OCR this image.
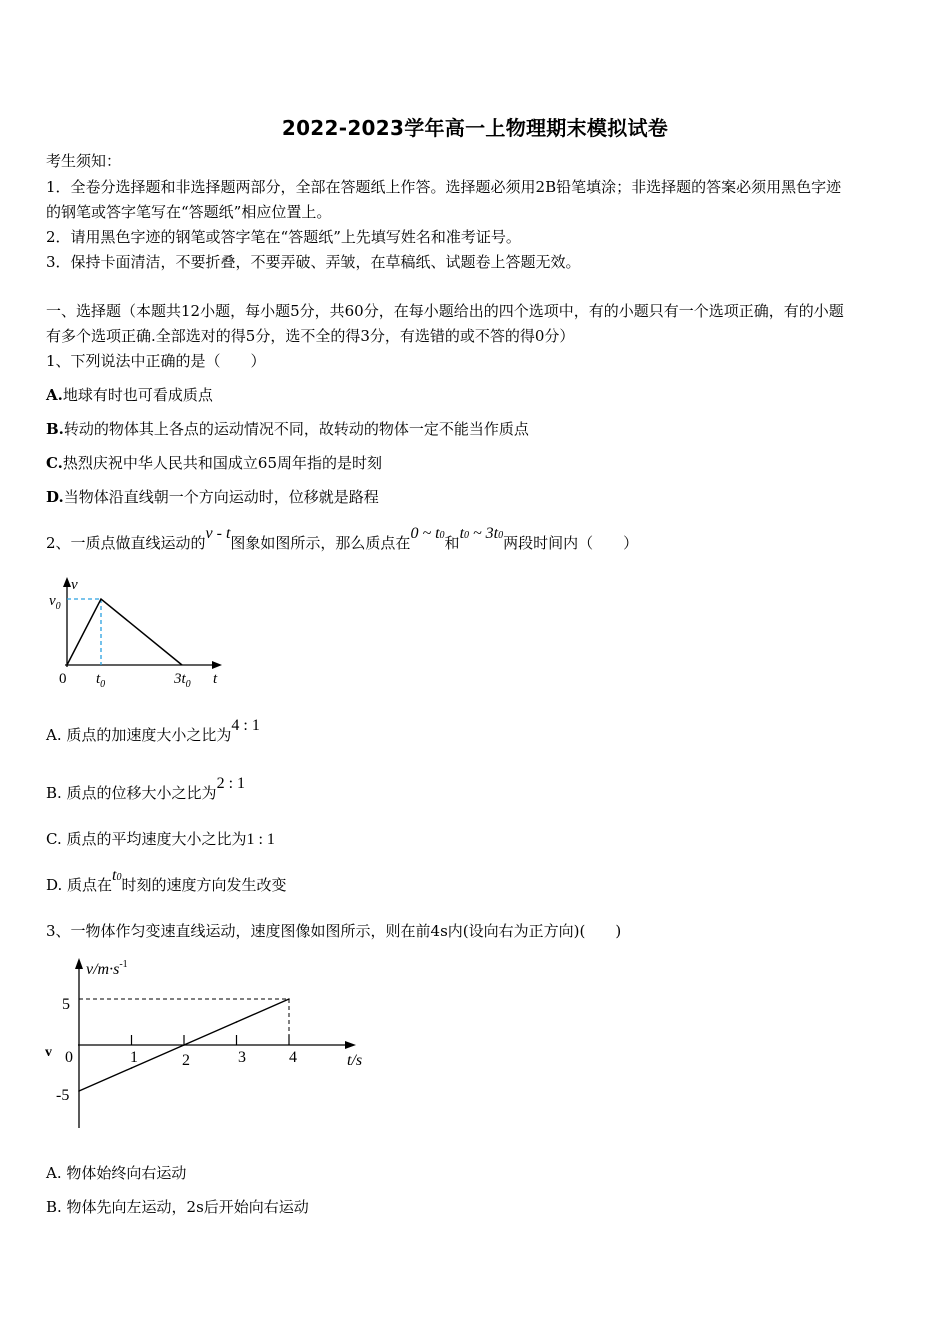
2022-2023学年高一上物理期末模拟试卷
考生须知：
1．全卷分选择题和非选择题两部分，全部在答题纸上作答。选择题必须用2B铅笔填涂；非选择题的答案必须用黑色字迹
的钢笔或答字笔写在“答题纸”相应位置上。
2．请用黑色字迹的钢笔或答字笔在“答题纸”上先填写姓名和准考证号。
3．保持卡面清洁，不要折叠，不要弄破、弄皱，在草稿纸、试题卷上答题无效。
一、选择题（本题共12小题，每小题5分，共60分，在每小题给出的四个选项中，有的小题只有一个选项正确，有的小题
有多个选项正确.全部选对的得5分，选不全的得3分，有选错的或不答的得0分）
1、下列说法中正确的是（　　）
A.地球有时也可看成质点
B.转动的物体其上各点的运动情况不同，故转动的物体一定不能当作质点
C.热烈庆祝中华人民共和国成立65周年指的是时刻
D.当物体沿直线朝一个方向运动时，位移就是路程
2、一质点做直线运动的v - t图象如图所示，那么质点在0 ~ t0和t0 ~ 3t0两段时间内（　　）
v
$v_0$
0 $t_0$	$3t_0$ t
A. 质点的加速度大小之比为4 : 1
B. 质点的位移大小之比为2 : 1
C. 质点的平均速度大小之比为1 : 1
D. 质点在t0时刻的速度方向发生改变
3、一物体作匀变速直线运动，速度图像如图所示，则在前4s内(设向右为正方向)(　　)
$v/m\cdot s^{-1}$
v
5
-5
0	1	2	3	4	t/s
A. 物体始终向右运动
B. 物体先向左运动，2s后开始向右运动
